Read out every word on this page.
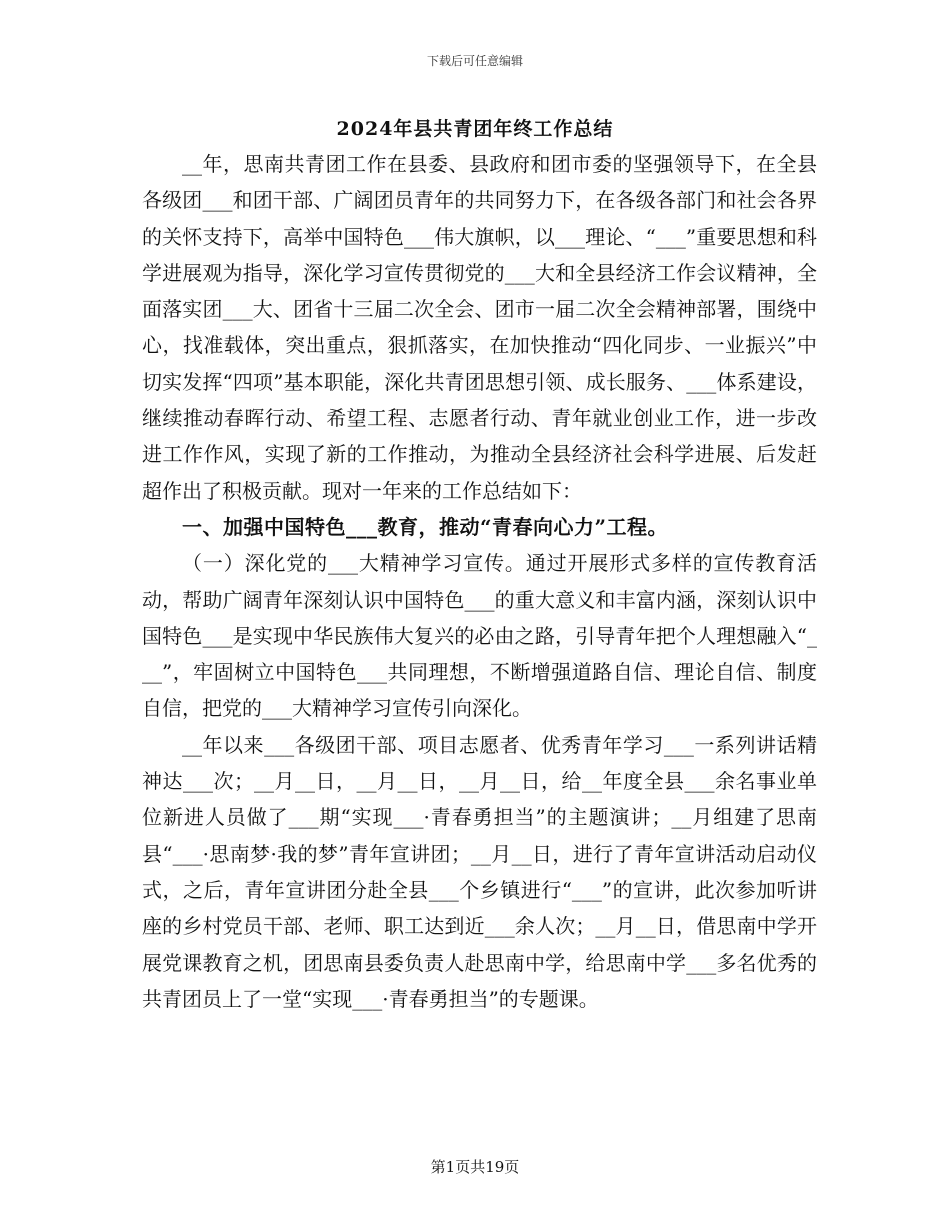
下载后可任意编辑
2024年县共青团年终工作总结

__年，思南共青团工作在县委、县政府和团市委的坚强领导下，在全县各级团___和团干部、广阔团员青年的共同努力下，在各级各部门和社会各界的关怀支持下，高举中国特色___伟大旗帜，以___理论、“___”重要思想和科学进展观为指导，深化学习宣传贯彻党的___大和全县经济工作会议精神，全面落实团___大、团省十三届二次全会、团市一届二次全会精神部署，围绕中心，找准载体，突出重点，狠抓落实，在加快推动“四化同步、一业振兴”中切实发挥“四项”基本职能，深化共青团思想引领、成长服务、___体系建设，继续推动春晖行动、希望工程、志愿者行动、青年就业创业工作，进一步改进工作作风，实现了新的工作推动，为推动全县经济社会科学进展、后发赶超作出了积极贡献。现对一年来的工作总结如下：

一、加强中国特色___教育，推动“青春向心力”工程。

（一）深化党的___大精神学习宣传。通过开展形式多样的宣传教育活动，帮助广阔青年深刻认识中国特色___的重大意义和丰富内涵，深刻认识中国特色___是实现中华民族伟大复兴的必由之路，引导青年把个人理想融入“___”，牢固树立中国特色___共同理想，不断增强道路自信、理论自信、制度自信，把党的___大精神学习宣传引向深化。

__年以来___各级团干部、项目志愿者、优秀青年学习___一系列讲话精神达___次；__月__日，__月__日，__月__日，给__年度全县___余名事业单位新进人员做了___期“实现___·青春勇担当”的主题演讲；__月组建了思南县“___·思南梦·我的梦”青年宣讲团；__月__日，进行了青年宣讲活动启动仪式，之后，青年宣讲团分赴全县___个乡镇进行“___”的宣讲，此次参加听讲座的乡村党员干部、老师、职工达到近___余人次；__月__日，借思南中学开展党课教育之机，团思南县委负责人赴思南中学，给思南中学___多名优秀的共青团员上了一堂“实现___·青春勇担当”的专题课。

第1页共19页
